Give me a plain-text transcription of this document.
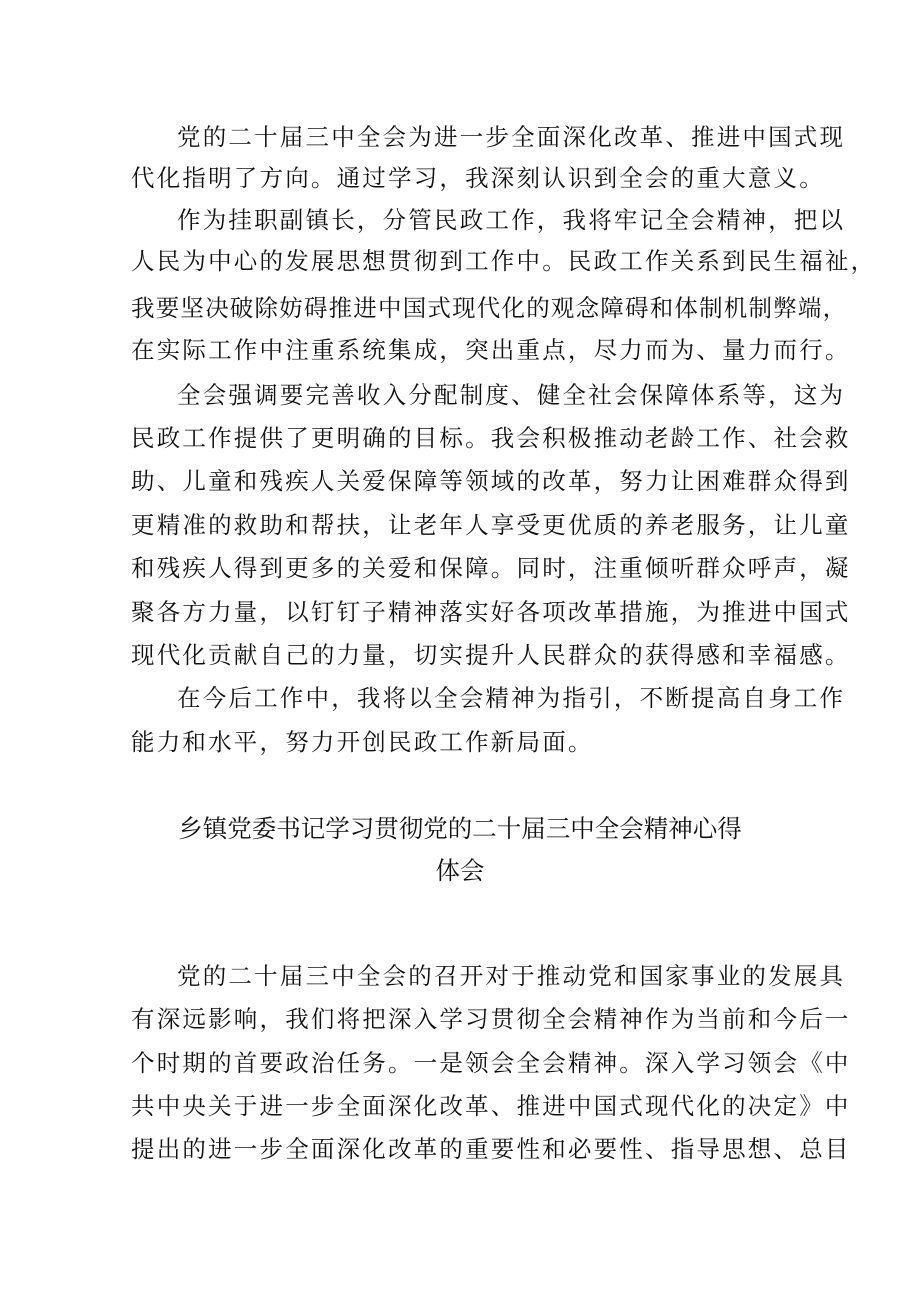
党的二十届三中全会为进一步全面深化改革、推进中国式现
代化指明了方向。通过学习，我深刻认识到全会的重大意义。
作为挂职副镇长，分管民政工作，我将牢记全会精神，把以
人民为中心的发展思想贯彻到工作中。民政工作关系到民生福祉，
我要坚决破除妨碍推进中国式现代化的观念障碍和体制机制弊端，
在实际工作中注重系统集成，突出重点，尽力而为、量力而行。
全会强调要完善收入分配制度、健全社会保障体系等，这为
民政工作提供了更明确的目标。我会积极推动老龄工作、社会救
助、儿童和残疾人关爱保障等领域的改革，努力让困难群众得到
更精准的救助和帮扶，让老年人享受更优质的养老服务，让儿童
和残疾人得到更多的关爱和保障。同时，注重倾听群众呼声，凝
聚各方力量，以钉钉子精神落实好各项改革措施，为推进中国式
现代化贡献自己的力量，切实提升人民群众的获得感和幸福感。
在今后工作中，我将以全会精神为指引，不断提高自身工作
能力和水平，努力开创民政工作新局面。
乡镇党委书记学习贯彻党的二十届三中全会精神心得
体会
党的二十届三中全会的召开对于推动党和国家事业的发展具
有深远影响，我们将把深入学习贯彻全会精神作为当前和今后一
个时期的首要政治任务。一是领会全会精神。深入学习领会《中
共中央关于进一步全面深化改革、推进中国式现代化的决定》中
提出的进一步全面深化改革的重要性和必要性、指导思想、总目
